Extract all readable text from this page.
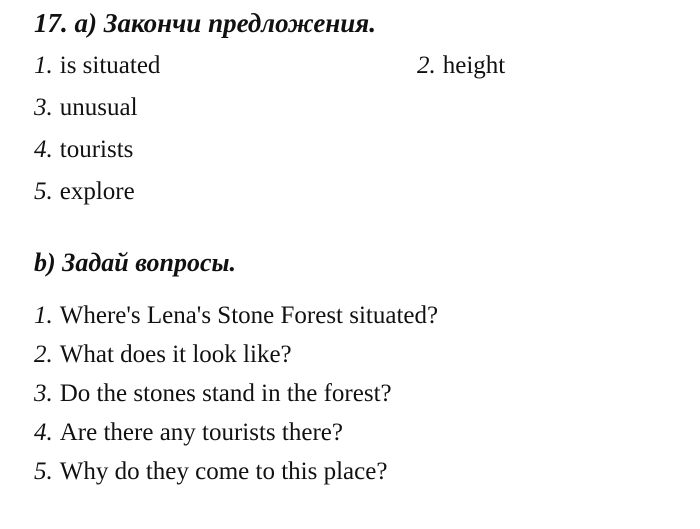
17. а) Закончи предложения.
1. is situated	2. height
3. unusual
4. tourists
5. explore
b) Задай вопросы.
1. Where's Lena's Stone Forest situated?
2. What does it look like?
3. Do the stones stand in the forest?
4. Are there any tourists there?
5. Why do they come to this place?
